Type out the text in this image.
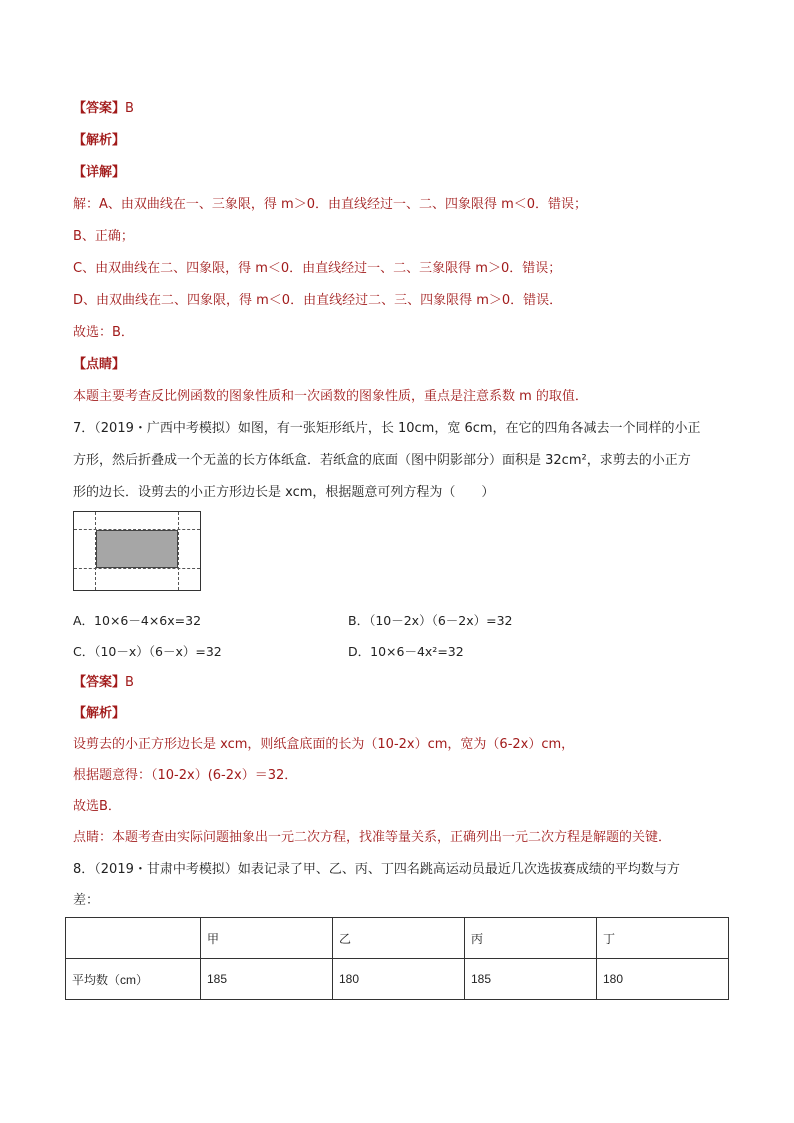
【答案】B
【解析】
【详解】
解：A、由双曲线在一、三象限，得 m＞0．由直线经过一、二、四象限得 m＜0．错误；
B、正确；
C、由双曲线在二、四象限，得 m＜0．由直线经过一、二、三象限得 m＞0．错误；
D、由双曲线在二、四象限，得 m＜0．由直线经过二、三、四象限得 m＞0．错误．
故选：B．
【点睛】
本题主要考查反比例函数的图象性质和一次函数的图象性质，重点是注意系数 m 的取值．
7．（2019・广西中考模拟）如图，有一张矩形纸片，长 10cm，宽 6cm，在它的四角各减去一个同样的小正
方形，然后折叠成一个无盖的长方体纸盒．若纸盒的底面（图中阴影部分）面积是 32cm²，求剪去的小正方
形的边长．设剪去的小正方形边长是 xcm，根据题意可列方程为（　　）
A．10×6－4×6x=32	B．（10－2x）（6－2x）=32
C．（10－x）（6－x）=32	D．10×6－4x²=32
【答案】B
【解析】
设剪去的小正方形边长是 xcm，则纸盒底面的长为（10-2x）cm，宽为（6-2x）cm，
根据题意得：（10-2x）(6-2x）＝32．
故选B．
点睛：本题考查由实际问题抽象出一元二次方程，找准等量关系，正确列出一元二次方程是解题的关键．
8．（2019・甘肃中考模拟）如表记录了甲、乙、丙、丁四名跳高运动员最近几次选拔赛成绩的平均数与方
差：
	甲	乙	丙	丁
平均数（cm）	185	180	185	180
